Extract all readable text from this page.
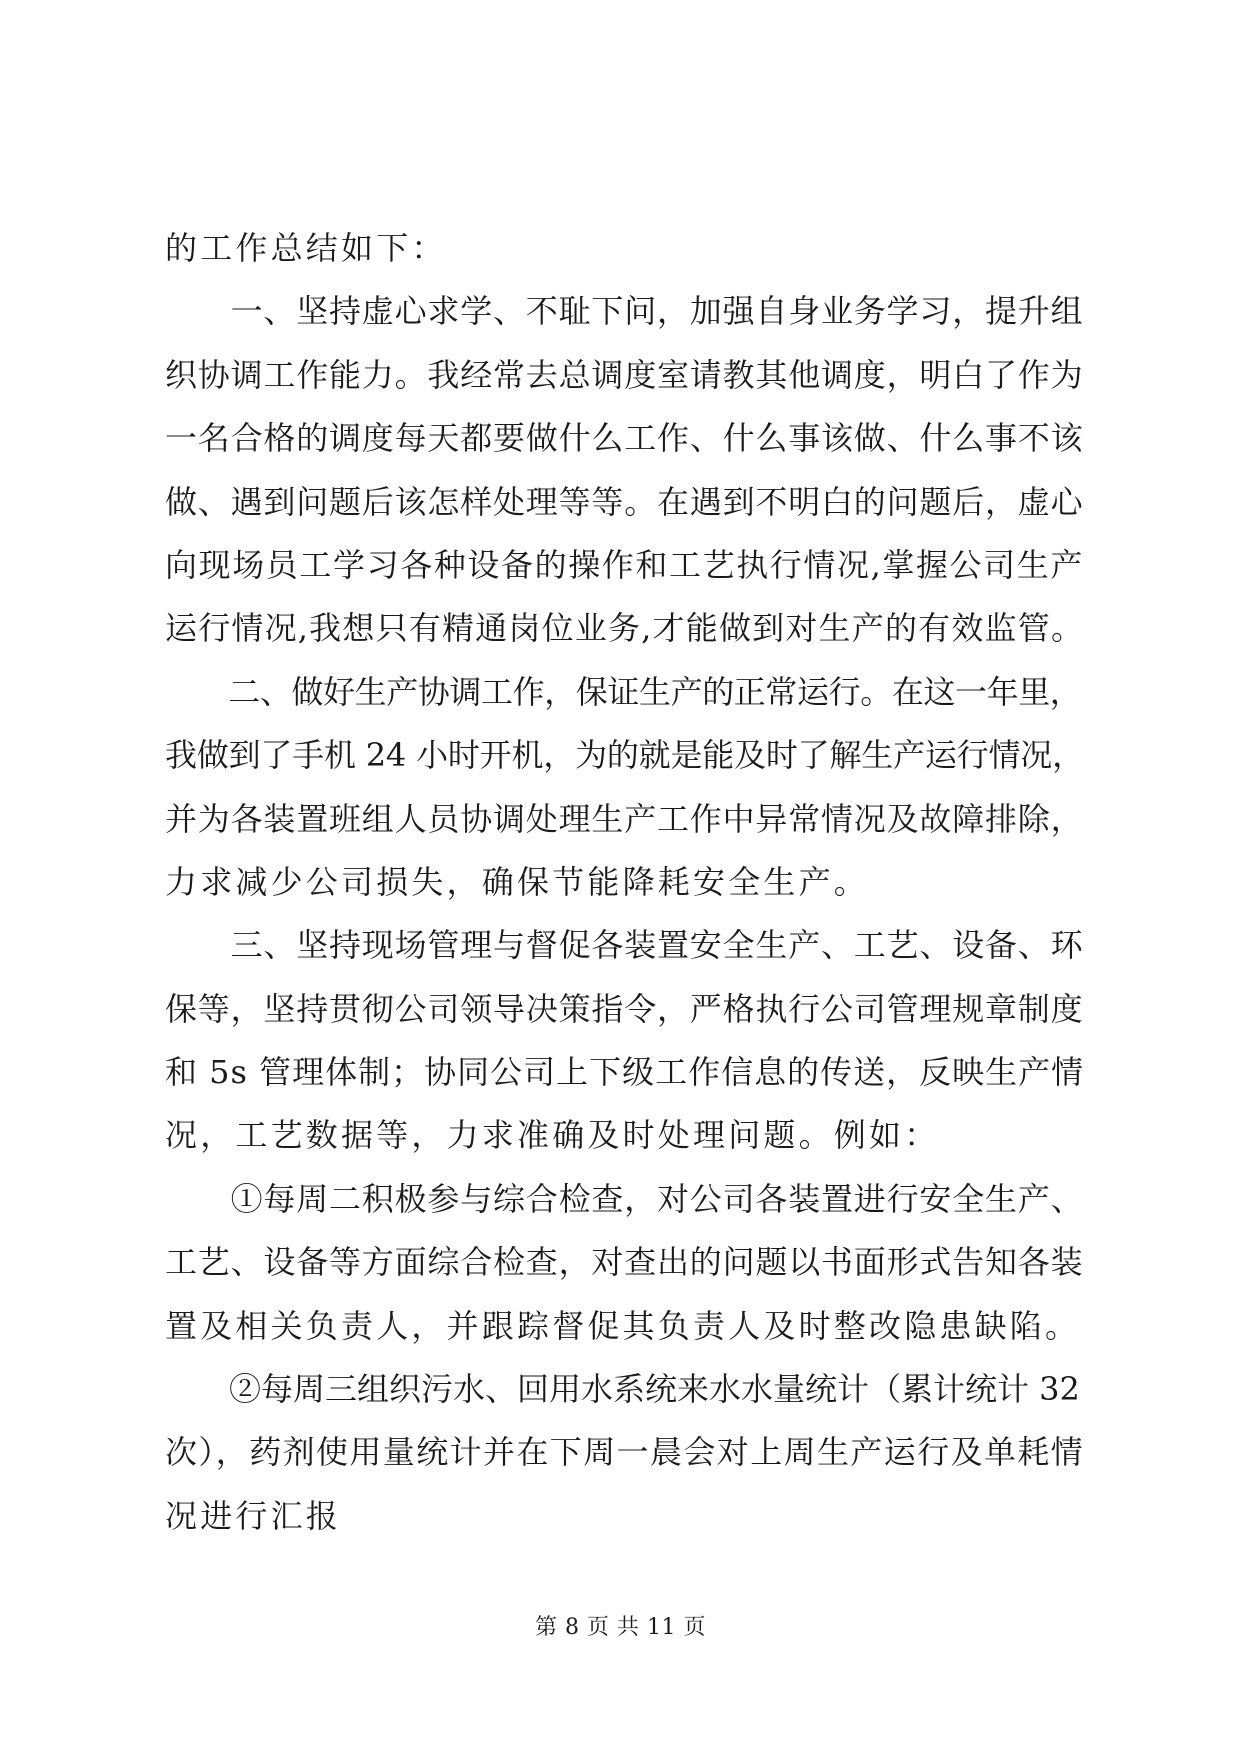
的工作总结如下：
　　一、坚持虚心求学、不耻下问，加强自身业务学习，提升组
织协调工作能力。我经常去总调度室请教其他调度，明白了作为
一名合格的调度每天都要做什么工作、什么事该做、什么事不该
做、遇到问题后该怎样处理等等。在遇到不明白的问题后，虚心
向现场员工学习各种设备的操作和工艺执行情况,掌握公司生产
运行情况,我想只有精通岗位业务,才能做到对生产的有效监管。
　　二、做好生产协调工作，保证生产的正常运行。在这一年里，
我做到了手机 24 小时开机，为的就是能及时了解生产运行情况，
并为各装置班组人员协调处理生产工作中异常情况及故障排除，
力求减少公司损失，确保节能降耗安全生产。
　　三、坚持现场管理与督促各装置安全生产、工艺、设备、环
保等，坚持贯彻公司领导决策指令，严格执行公司管理规章制度
和 5s 管理体制；协同公司上下级工作信息的传送，反映生产情
况，工艺数据等，力求准确及时处理问题。例如：
　　①每周二积极参与综合检查，对公司各装置进行安全生产、
工艺、设备等方面综合检查，对查出的问题以书面形式告知各装
置及相关负责人，并跟踪督促其负责人及时整改隐患缺陷。
　　②每周三组织污水、回用水系统来水水量统计（累计统计 32
次），药剂使用量统计并在下周一晨会对上周生产运行及单耗情
况进行汇报
第 8 页 共 11 页
